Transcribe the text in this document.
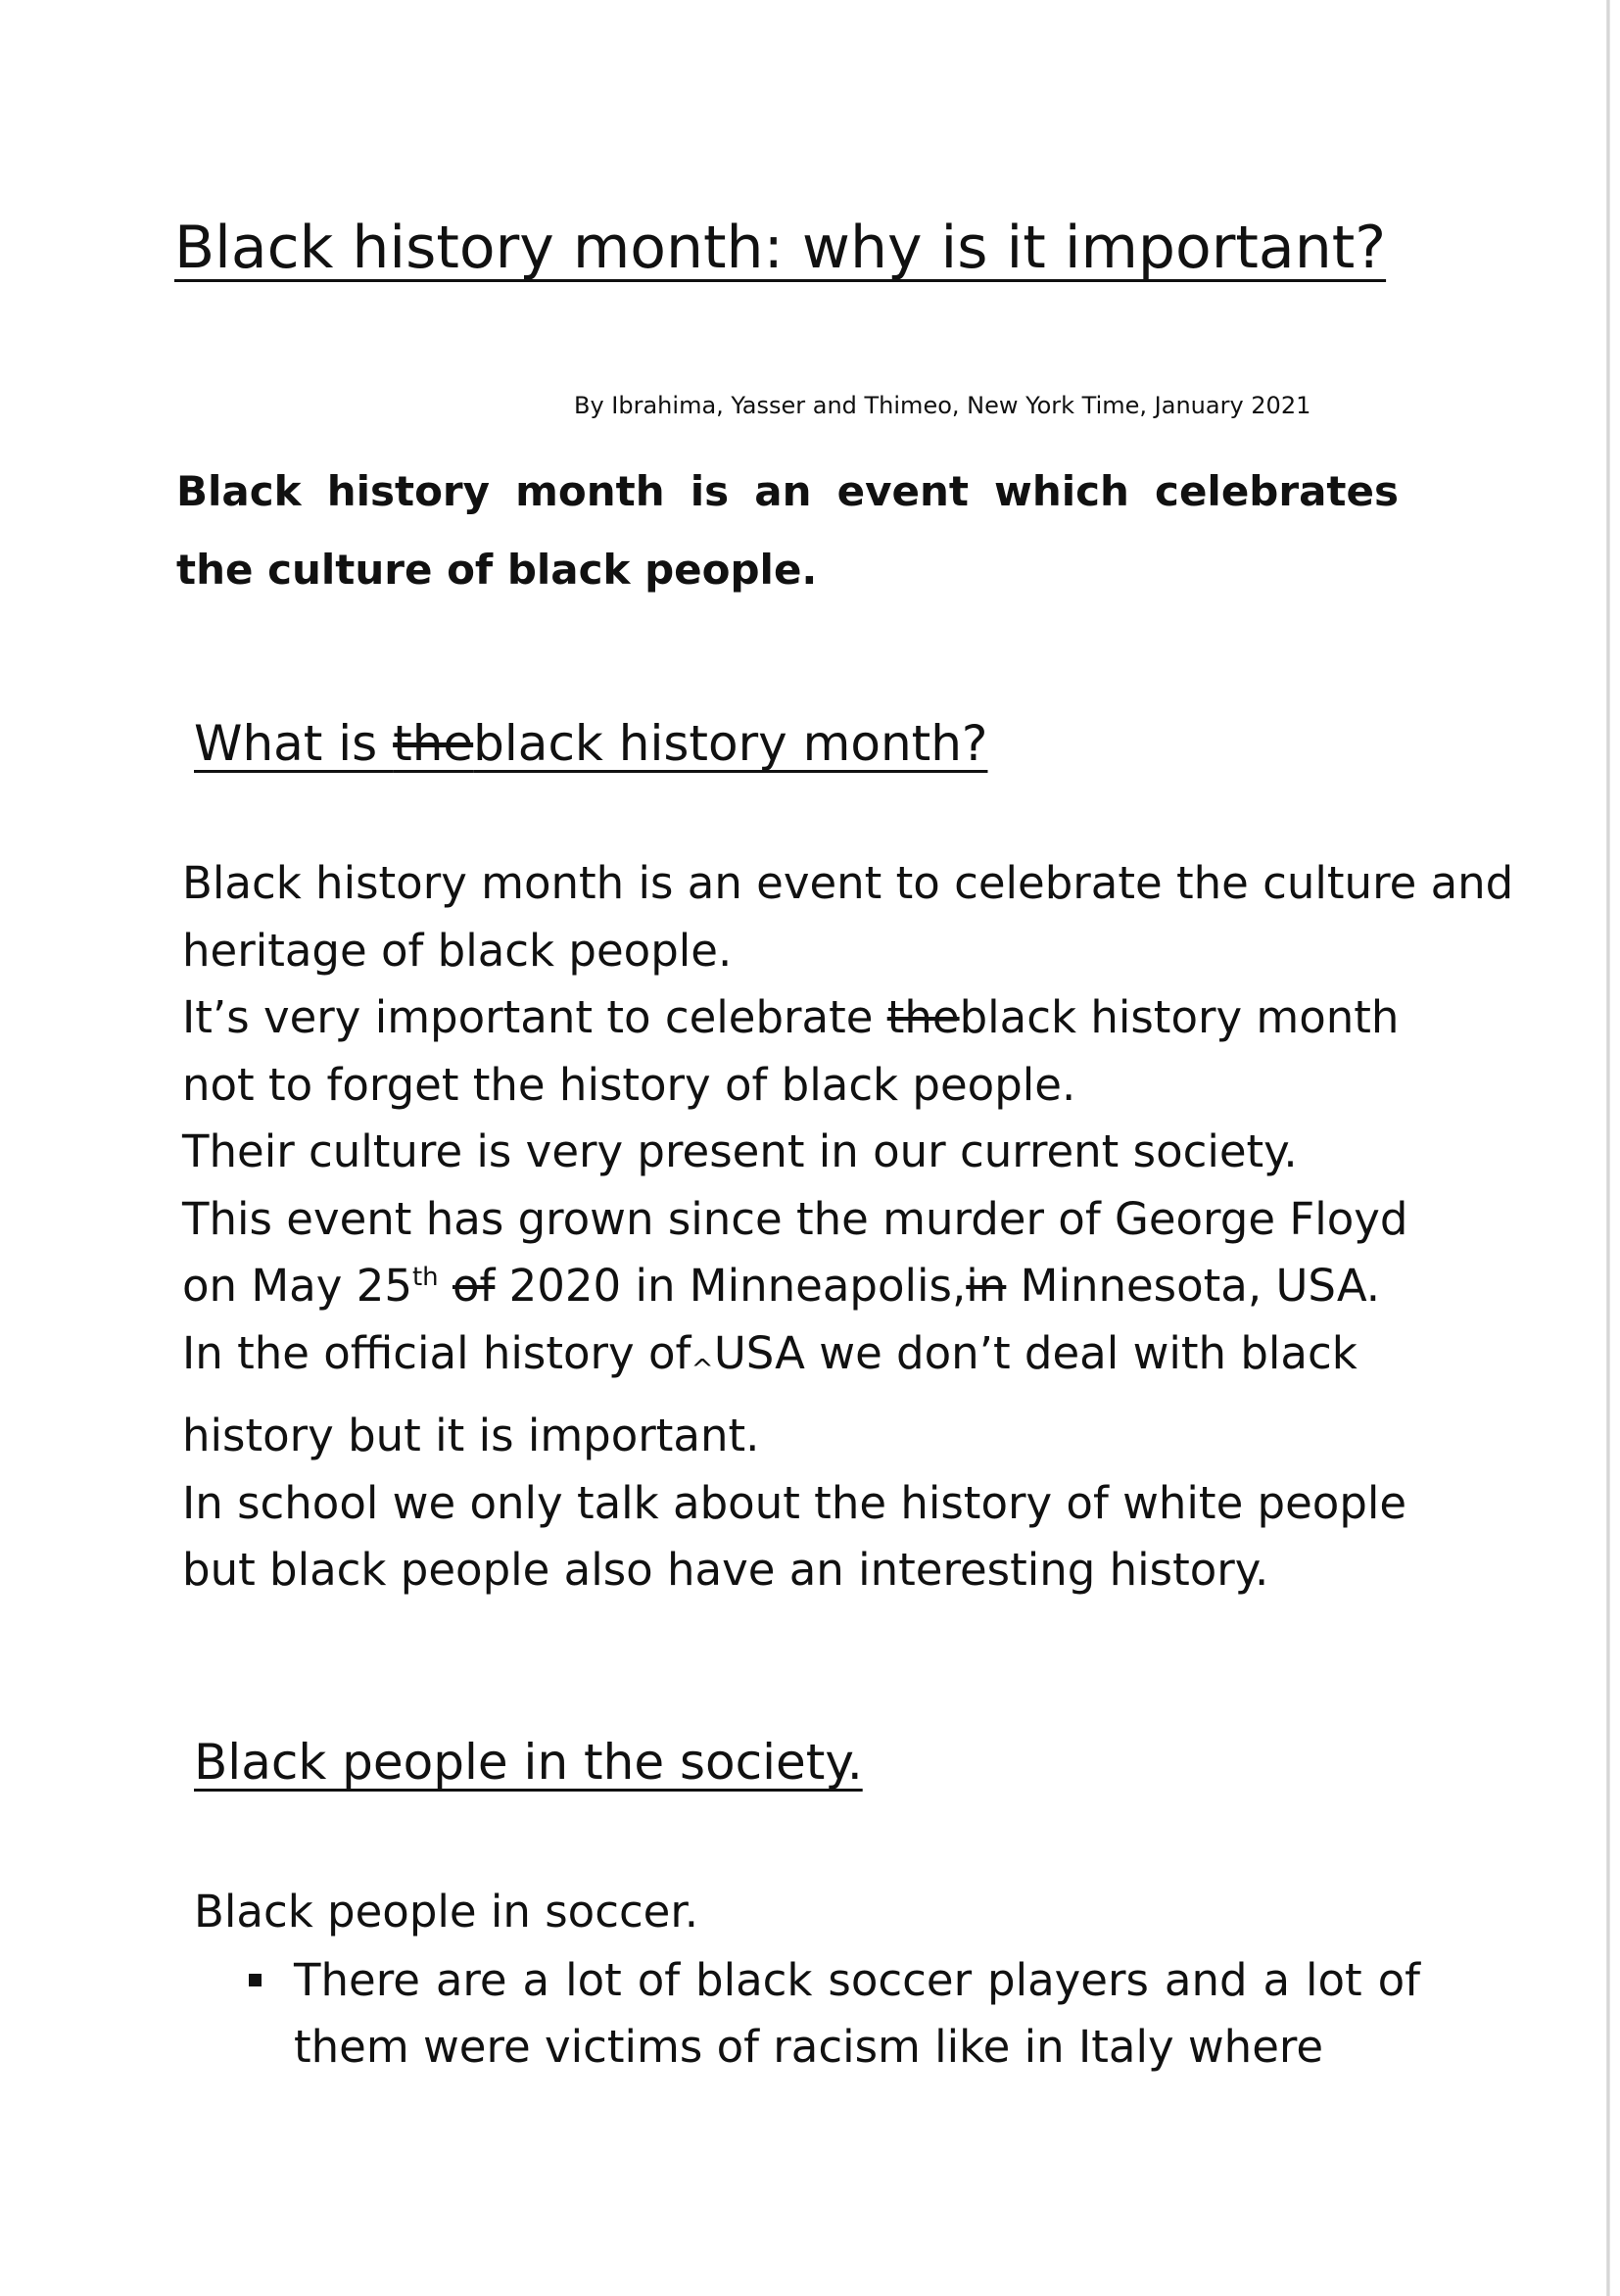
Black history month: why is it important?
By Ibrahima, Yasser and Thimeo, New York Time, January 2021

Black history month is an event which celebrates the culture of black people.

What is theblack history month?
Black history month is an event to celebrate the culture and
heritage of black people.
It’s very important to celebrate theblack history month
not to forget the history of black people.
Their culture is very present in our current society.
This event has grown since the murder of George Floyd
on May 25th of 2020 in Minneapolis,in Minnesota, USA.
In the official history $of_{\^{}}USA$ we don’t deal with black
history but it is important.
In school we only talk about the history of white people
but black people also have an interesting history.
Black people in the society.
Black people in soccer.
There are a lot of black soccer players and a lot of them were victims of racism like in Italy where
